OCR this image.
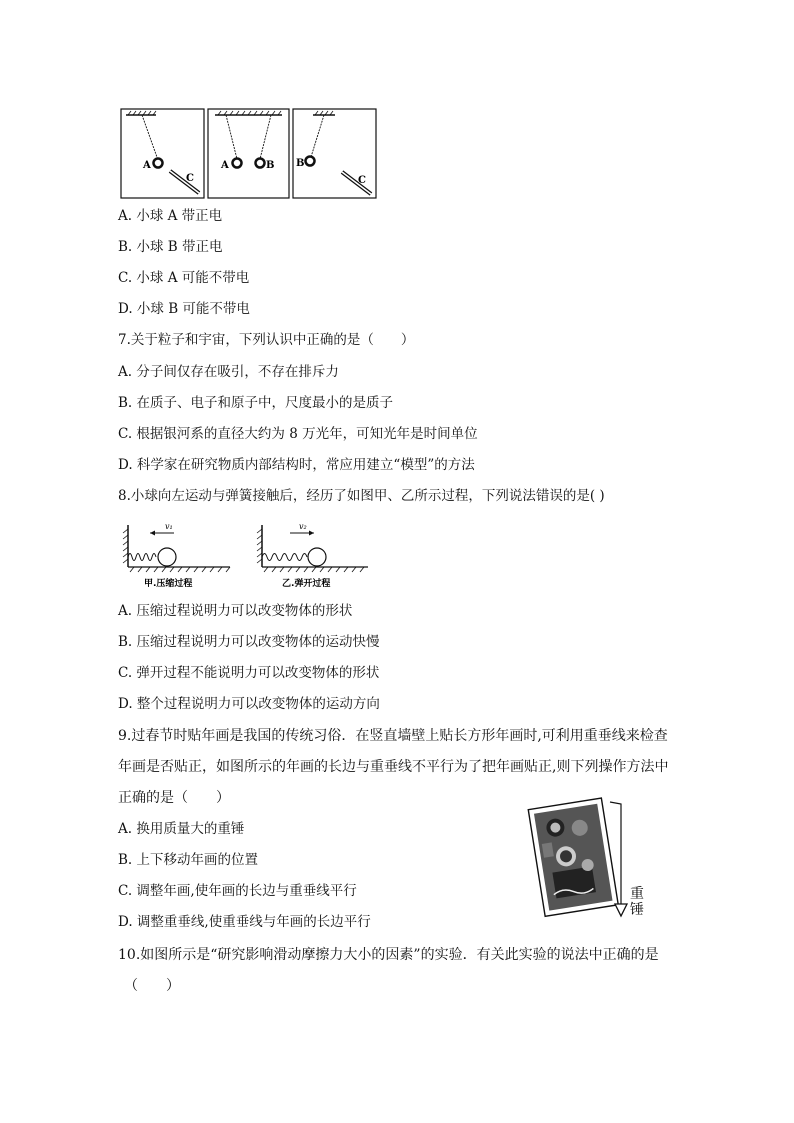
A
C
A	B B
C
A. 小球 A 带正电
B. 小球 B 带正电
C. 小球 A 可能不带电
D. 小球 B 可能不带电
7.关于粒子和宇宙，下列认识中正确的是（　　）
A. 分子间仅存在吸引，不存在排斥力
B. 在质子、电子和原子中，尺度最小的是质子
C. 根据银河系的直径大约为 8 万光年，可知光年是时间单位
D. 科学家在研究物质内部结构时，常应用建立“模型”的方法
8.小球向左运动与弹簧接触后，经历了如图甲、乙所示过程，下列说法错误的是( )
v₁
甲.压缩过程
v₂
乙.弹开过程
A. 压缩过程说明力可以改变物体的形状
B. 压缩过程说明力可以改变物体的运动快慢
C. 弹开过程不能说明力可以改变物体的形状
D. 整个过程说明力可以改变物体的运动方向
9.过春节时贴年画是我国的传统习俗．在竖直墙壁上贴长方形年画时,可利用重垂线来检查
年画是否贴正，如图所示的年画的长边与重垂线不平行为了把年画贴正,则下列操作方法中
正确的是（　　）
A. 换用质量大的重锤
B. 上下移动年画的位置
C. 调整年画,使年画的长边与重垂线平行
D. 调整重垂线,使重垂线与年画的长边平行
重 锤
10.如图所示是“研究影响滑动摩擦力大小的因素”的实验．有关此实验的说法中正确的是
（　　）
